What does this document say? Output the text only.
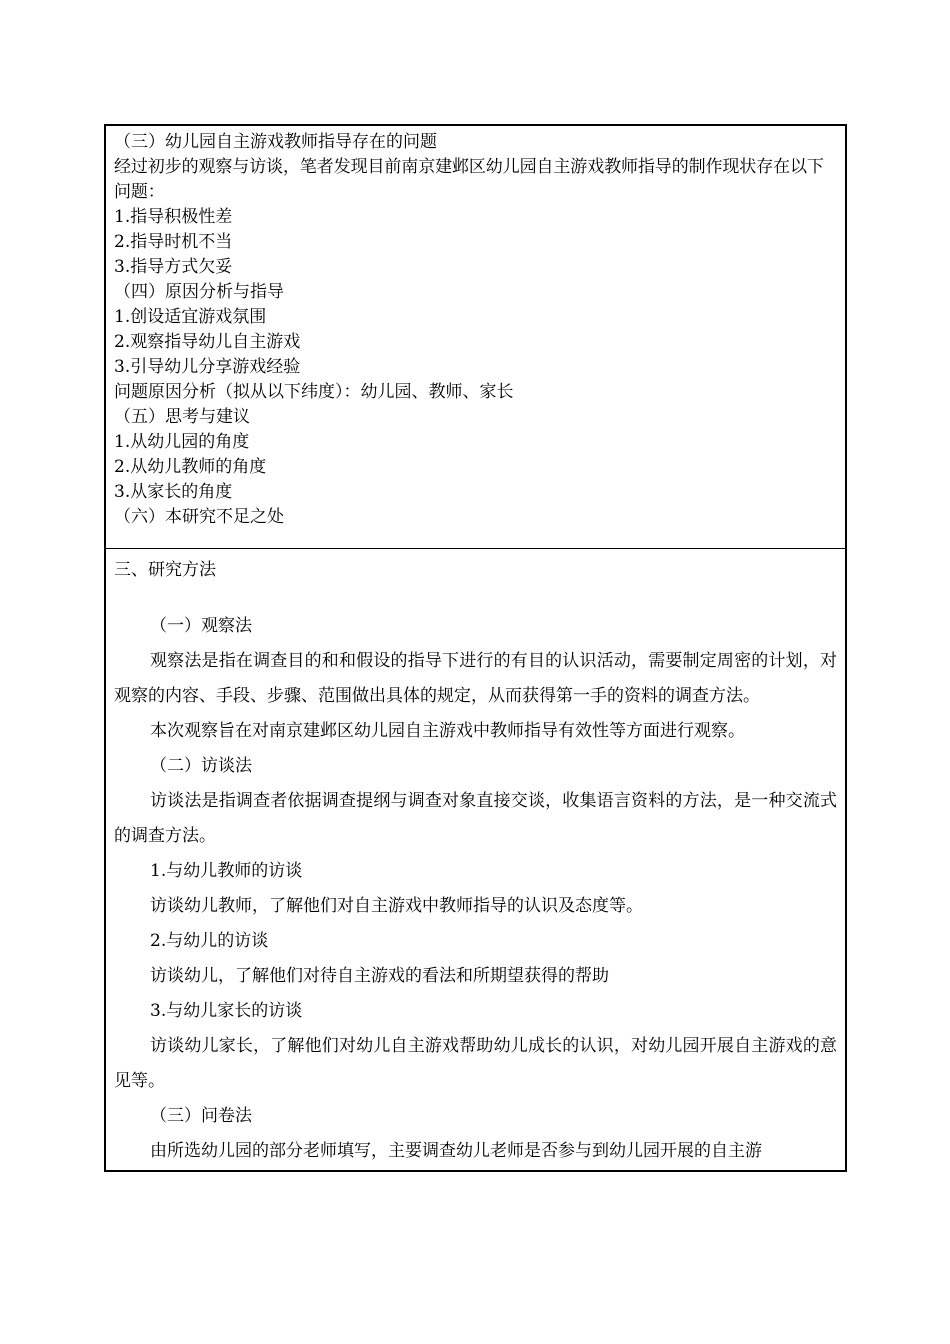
（三）幼儿园自主游戏教师指导存在的问题
经过初步的观察与访谈，笔者发现目前南京建邺区幼儿园自主游戏教师指导的制作现状存在以下问题：
1.指导积极性差
2.指导时机不当
3.指导方式欠妥
（四）原因分析与指导
1.创设适宜游戏氛围
2.观察指导幼儿自主游戏
3.引导幼儿分享游戏经验
问题原因分析（拟从以下纬度）：幼儿园、教师、家长
（五）思考与建议
1.从幼儿园的角度
2.从幼儿教师的角度
3.从家长的角度
（六）本研究不足之处
三、研究方法
（一）观察法
观察法是指在调查目的和和假设的指导下进行的有目的认识活动，需要制定周密的计划，对观察的内容、手段、步骤、范围做出具体的规定，从而获得第一手的资料的调查方法。
本次观察旨在对南京建邺区幼儿园自主游戏中教师指导有效性等方面进行观察。
（二）访谈法
访谈法是指调查者依据调查提纲与调查对象直接交谈，收集语言资料的方法，是一种交流式的调查方法。
1.与幼儿教师的访谈
访谈幼儿教师，了解他们对自主游戏中教师指导的认识及态度等。
2.与幼儿的访谈
访谈幼儿，了解他们对待自主游戏的看法和所期望获得的帮助
3.与幼儿家长的访谈
访谈幼儿家长，了解他们对幼儿自主游戏帮助幼儿成长的认识，对幼儿园开展自主游戏的意见等。
（三）问卷法
由所选幼儿园的部分老师填写，主要调查幼儿老师是否参与到幼儿园开展的自主游
